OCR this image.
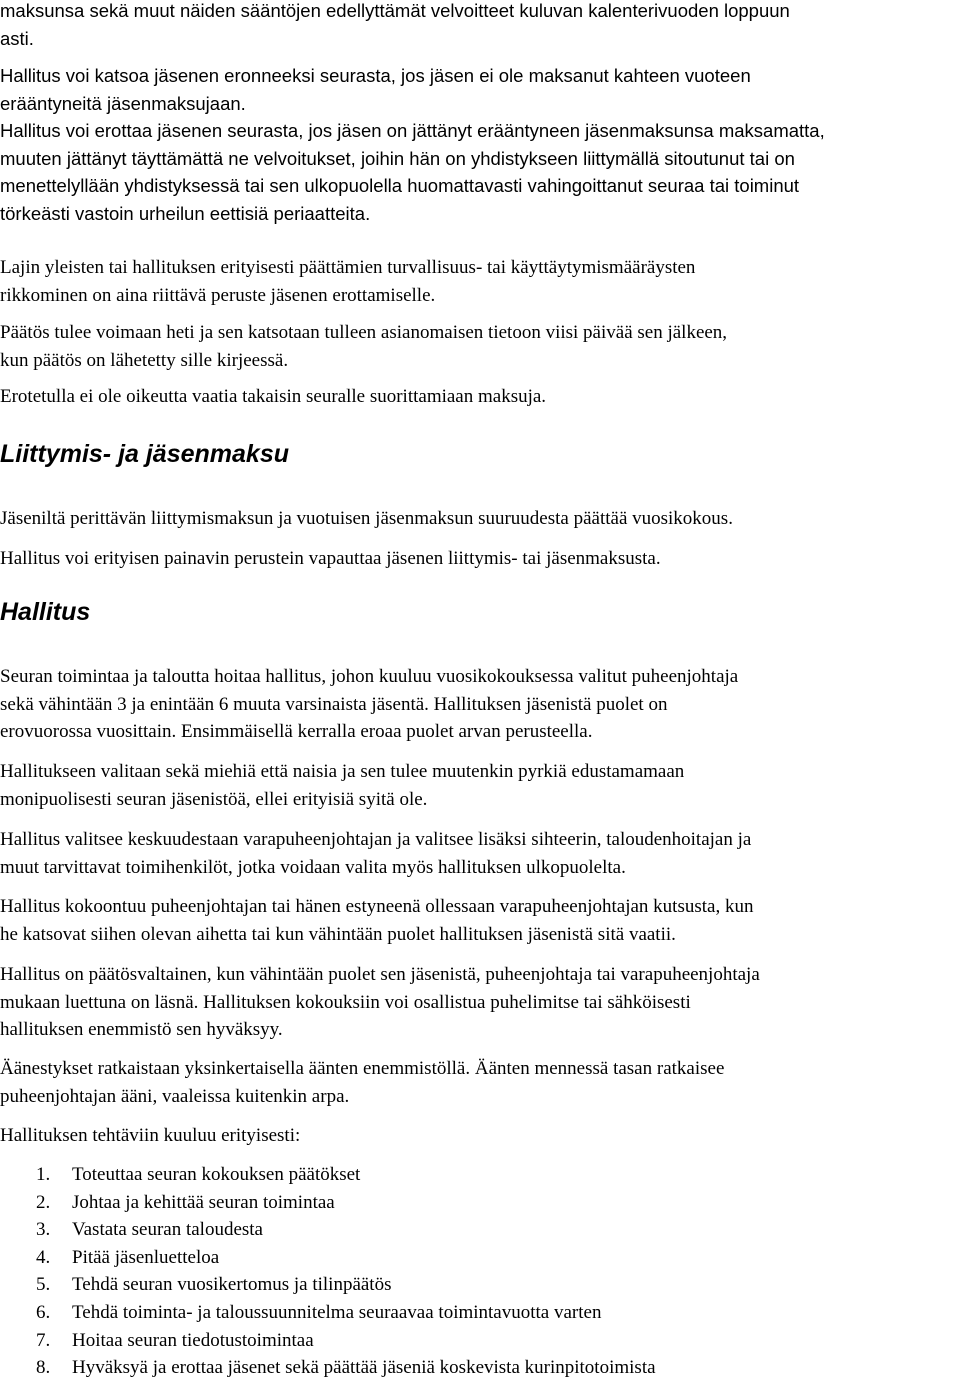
maksunsa sekä muut näiden sääntöjen edellyttämät velvoitteet kuluvan kalenterivuoden loppuun
asti.

Hallitus voi katsoa jäsenen eronneeksi seurasta, jos jäsen ei ole maksanut kahteen vuoteen
erääntyneitä jäsenmaksujaan.

Hallitus voi erottaa jäsenen seurasta, jos jäsen on jättänyt erääntyneen jäsenmaksunsa maksamatta,
muuten jättänyt täyttämättä ne velvoitukset, joihin hän on yhdistykseen liittymällä sitoutunut tai on
menettelyllään yhdistyksessä tai sen ulkopuolella huomattavasti vahingoittanut seuraa tai toiminut
törkeästi vastoin urheilun eettisiä periaatteita.

Lajin yleisten tai hallituksen erityisesti päättämien turvallisuus- tai käyttäytymismääräysten
rikkominen on aina riittävä peruste jäsenen erottamiselle.

Päätös tulee voimaan heti ja sen katsotaan tulleen asianomaisen tietoon viisi päivää sen jälkeen,
kun päätös on lähetetty sille kirjeessä.

Erotetulla ei ole oikeutta vaatia takaisin seuralle suorittamiaan maksuja.

Liittymis- ja jäsenmaksu

Jäseniltä perittävän liittymismaksun ja vuotuisen jäsenmaksun suuruudesta päättää vuosikokous.

Hallitus voi erityisen painavin perustein vapauttaa jäsenen liittymis- tai jäsenmaksusta.

Hallitus

Seuran toimintaa ja taloutta hoitaa hallitus, johon kuuluu vuosikokouksessa valitut puheenjohtaja
sekä vähintään 3 ja enintään 6 muuta varsinaista jäsentä. Hallituksen jäsenistä puolet on
erovuorossa vuosittain. Ensimmäisellä kerralla eroaa puolet arvan perusteella.

Hallitukseen valitaan sekä miehiä että naisia ja sen tulee muutenkin pyrkiä edustamamaan
monipuolisesti seuran jäsenistöä, ellei erityisiä syitä ole.

Hallitus valitsee keskuudestaan varapuheenjohtajan ja valitsee lisäksi sihteerin, taloudenhoitajan ja
muut tarvittavat toimihenkilöt, jotka voidaan valita myös hallituksen ulkopuolelta.

Hallitus kokoontuu puheenjohtajan tai hänen estyneenä ollessaan varapuheenjohtajan kutsusta, kun
he katsovat siihen olevan aihetta tai kun vähintään puolet hallituksen jäsenistä sitä vaatii.

Hallitus on päätösvaltainen, kun vähintään puolet sen jäsenistä, puheenjohtaja tai varapuheenjohtaja
mukaan luettuna on läsnä. Hallituksen kokouksiin voi osallistua puhelimitse tai sähköisesti
hallituksen enemmistö sen hyväksyy.

Äänestykset ratkaistaan yksinkertaisella äänten enemmistöllä. Äänten mennessä tasan ratkaisee
puheenjohtajan ääni, vaaleissa kuitenkin arpa.

Hallituksen tehtäviin kuuluu erityisesti:

1. Toteuttaa seuran kokouksen päätökset
2. Johtaa ja kehittää seuran toimintaa
3. Vastata seuran taloudesta
4. Pitää jäsenluetteloa
5. Tehdä seuran vuosikertomus ja tilinpäätös
6. Tehdä toiminta- ja taloussuunnitelma seuraavaa toimintavuotta varten
7. Hoitaa seuran tiedotustoimintaa
8. Hyväksyä ja erottaa jäsenet sekä päättää jäseniä koskevista kurinpitotoimista
